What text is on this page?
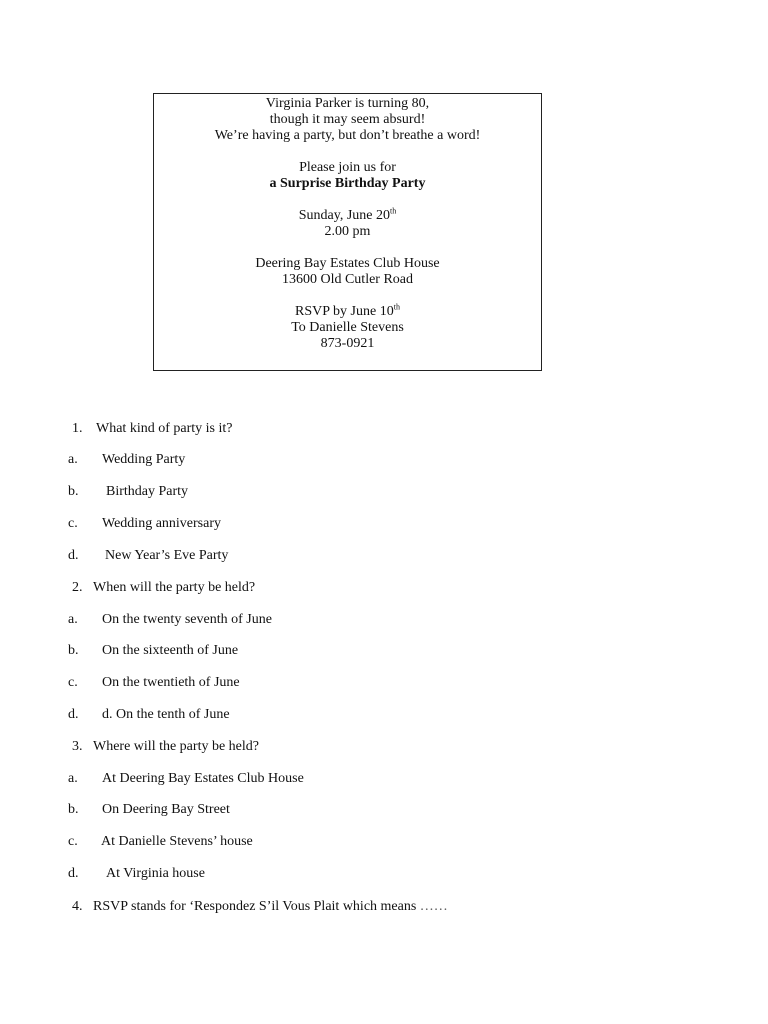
Virginia Parker is turning 80,

though it may seem absurd!

We’re having a party, but don’t breathe a word!

Please join us for

a Surprise Birthday Party

Sunday, June 20th

2.00 pm

Deering Bay Estates Club House

13600 Old Cutler Road

RSVP by June 10th

To Danielle Stevens

873-0921

1. What kind of party is it?
a. Wedding Party
b. Birthday Party
c. Wedding anniversary
d. New Year’s Eve Party
2. When will the party be held?
a. On the twenty seventh of June
b. On the sixteenth of June
c. On the twentieth of June
d. d. On the tenth of June
3. Where will the party be held?
a. At Deering Bay Estates Club House
b. On Deering Bay Street
c. At Danielle Stevens’ house
d. At Virginia house
4. RSVP stands for ‘Respondez S’il Vous Plait which means ……
